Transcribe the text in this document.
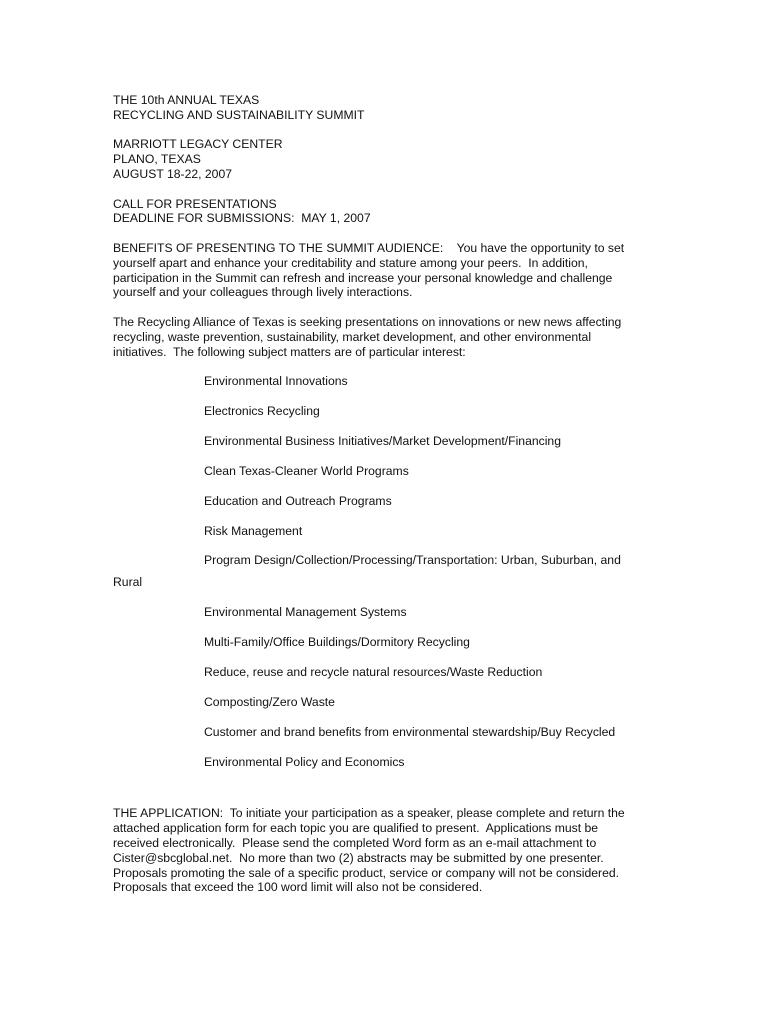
THE 10th ANNUAL TEXAS
RECYCLING AND SUSTAINABILITY SUMMIT
MARRIOTT LEGACY CENTER
PLANO, TEXAS
AUGUST 18-22, 2007
CALL FOR PRESENTATIONS
DEADLINE FOR SUBMISSIONS:  MAY 1, 2007
BENEFITS OF PRESENTING TO THE SUMMIT AUDIENCE:    You have the opportunity to set
yourself apart and enhance your creditability and stature among your peers.  In addition,
participation in the Summit can refresh and increase your personal knowledge and challenge
yourself and your colleagues through lively interactions.
The Recycling Alliance of Texas is seeking presentations on innovations or new news affecting
recycling, waste prevention, sustainability, market development, and other environmental
initiatives.  The following subject matters are of particular interest:
Environmental Innovations
Electronics Recycling
Environmental Business Initiatives/Market Development/Financing
Clean Texas-Cleaner World Programs
Education and Outreach Programs
Risk Management
Program Design/Collection/Processing/Transportation: Urban, Suburban, and
Rural
Environmental Management Systems
Multi-Family/Office Buildings/Dormitory Recycling
Reduce, reuse and recycle natural resources/Waste Reduction
Composting/Zero Waste
Customer and brand benefits from environmental stewardship/Buy Recycled
Environmental Policy and Economics
THE APPLICATION:  To initiate your participation as a speaker, please complete and return the
attached application form for each topic you are qualified to present.  Applications must be
received electronically.  Please send the completed Word form as an e-mail attachment to
Cister@sbcglobal.net.  No more than two (2) abstracts may be submitted by one presenter.
Proposals promoting the sale of a specific product, service or company will not be considered.
Proposals that exceed the 100 word limit will also not be considered.
